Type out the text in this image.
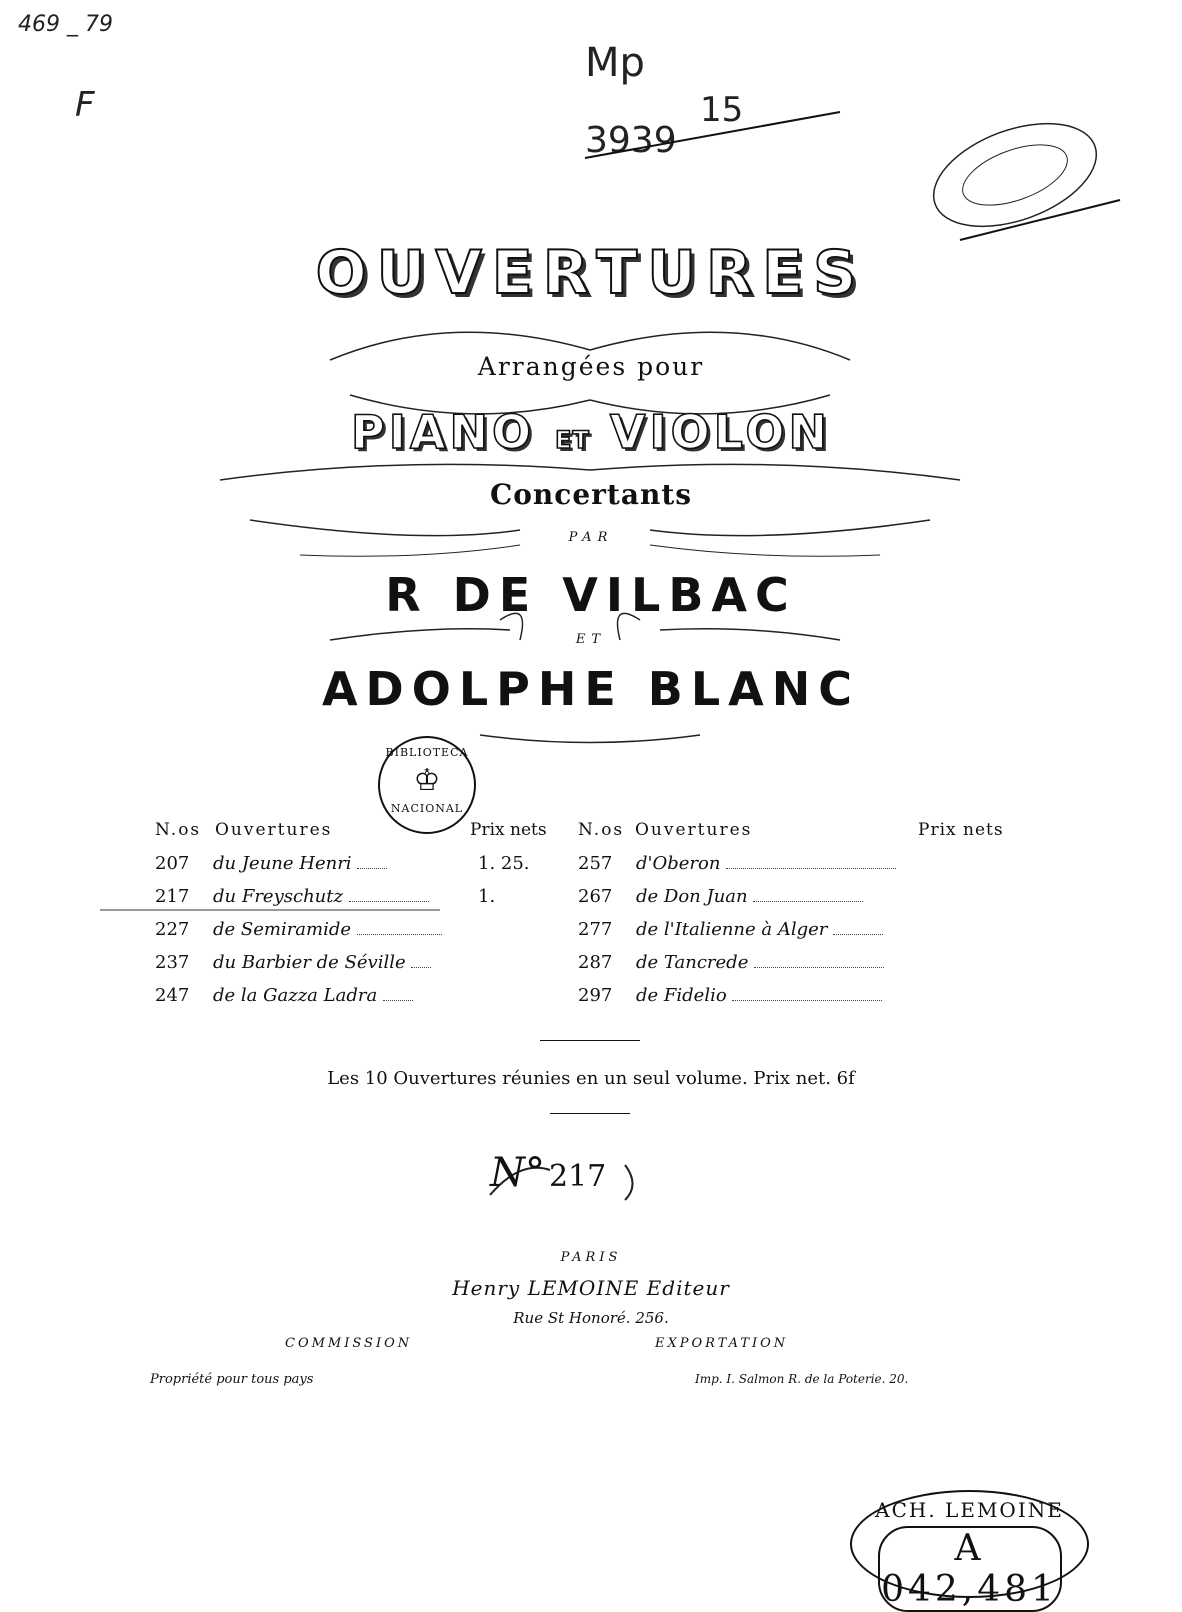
469 _ 79
F
Mp
3939
15
OUVERTURES
Arrangées pour
PIANO ET VIOLON
Concertants
PAR
R DE VILBAC
ET
ADOLPHE BLANC
BIBLIOTECA
♔
NACIONAL
N.os Ouvertures	Prix nets N.os Ouvertures	Prix nets
207 du Jeune Henri	1. 25.
217 du Freyschutz	1.
227 de Semiramide
237 du Barbier de Séville
247 de la Gazza Ladra
257 d'Oberon
267 de Don Juan
277 de l'Italienne à Alger
287 de Tancrede
297 de Fidelio
Les 10 Ouvertures réunies en un seul volume. Prix net. 6f
N° 217
PARIS
Henry LEMOINE Editeur
Rue St Honoré. 256.
COMMISSION	EXPORTATION
Propriété pour tous pays	Imp. I. Salmon R. de la Poterie. 20.
ACH. LEMOINE
A 042,481
